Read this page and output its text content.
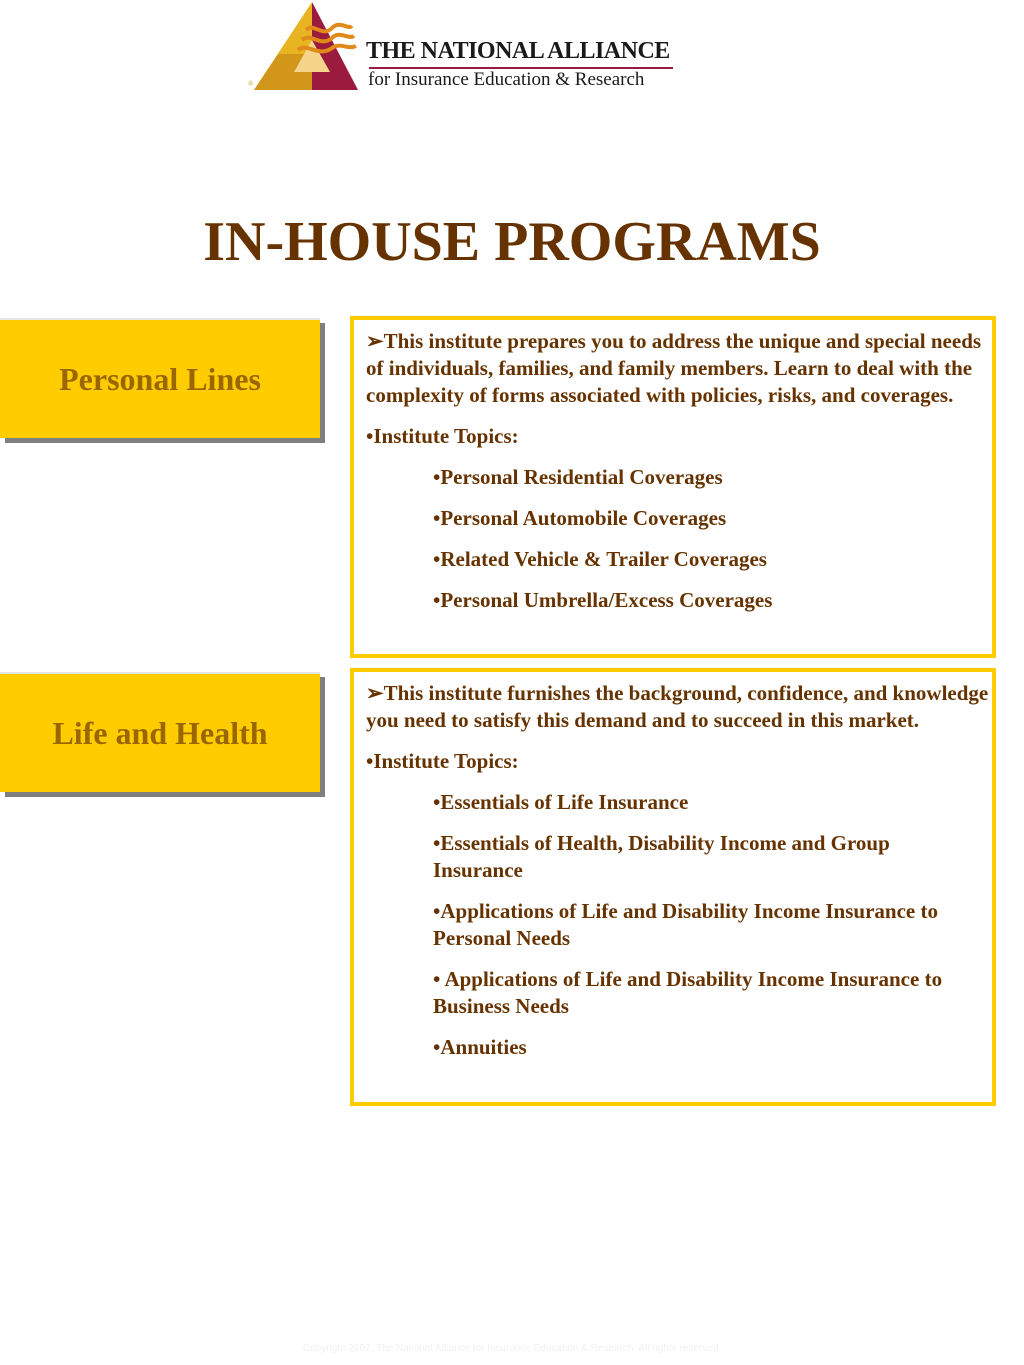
®
THE NATIONAL ALLIANCE
for Insurance Education & Research
IN-HOUSE PROGRAMS
Personal Lines

➢This institute prepares you to address the unique and special needs of individuals, families, and family members. Learn to deal with the complexity of forms associated with policies, risks, and coverages.

•Institute Topics:

•Personal Residential Coverages

•Personal Automobile Coverages

•Related Vehicle & Trailer Coverages

•Personal Umbrella/Excess Coverages

Life and Health

➢This institute furnishes the background, confidence, and knowledge you need to satisfy this demand and to succeed in this market.

•Institute Topics:

•Essentials of Life Insurance

•Essentials of Health, Disability Income and Group Insurance

•Applications of Life and Disability Income Insurance to Personal Needs

• Applications of Life and Disability Income Insurance to Business Needs

•Annuities

Copyright 2002, The National Alliance for Insurance Education & Research. All rights reserved.
